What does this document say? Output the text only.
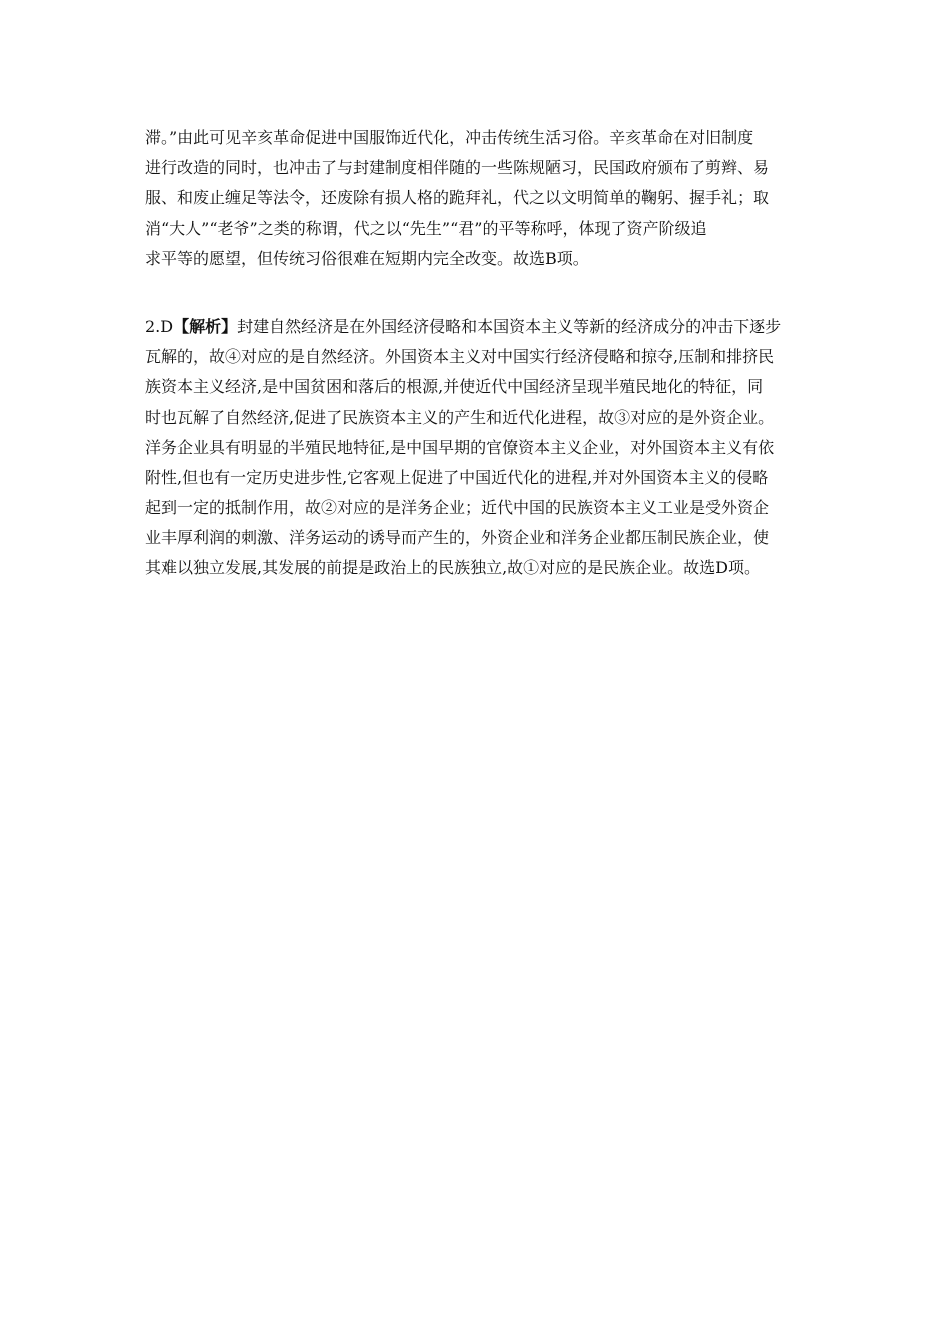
滞。”由此可见辛亥革命促进中国服饰近代化，冲击传统生活习俗。辛亥革命在对旧制度
进行改造的同时，也冲击了与封建制度相伴随的一些陈规陋习，民国政府颁布了剪辫、易
服、和废止缠足等法令，还废除有损人格的跪拜礼，代之以文明简单的鞠躬、握手礼；取
消“大人”“老爷”之类的称谓，代之以“先生”“君”的平等称呼，体现了资产阶级追
求平等的愿望，但传统习俗很难在短期内完全改变。故选B项。
2.D【解析】封建自然经济是在外国经济侵略和本国资本主义等新的经济成分的冲击下逐步
瓦解的，故④对应的是自然经济。外国资本主义对中国实行经济侵略和掠夺,压制和排挤民
族资本主义经济,是中国贫困和落后的根源,并使近代中国经济呈现半殖民地化的特征，同
时也瓦解了自然经济,促进了民族资本主义的产生和近代化进程，故③对应的是外资企业。
洋务企业具有明显的半殖民地特征,是中国早期的官僚资本主义企业，对外国资本主义有依
附性,但也有一定历史进步性,它客观上促进了中国近代化的进程,并对外国资本主义的侵略
起到一定的抵制作用，故②对应的是洋务企业；近代中国的民族资本主义工业是受外资企
业丰厚利润的刺激、洋务运动的诱导而产生的，外资企业和洋务企业都压制民族企业，使
其难以独立发展,其发展的前提是政治上的民族独立,故①对应的是民族企业。故选D项。
